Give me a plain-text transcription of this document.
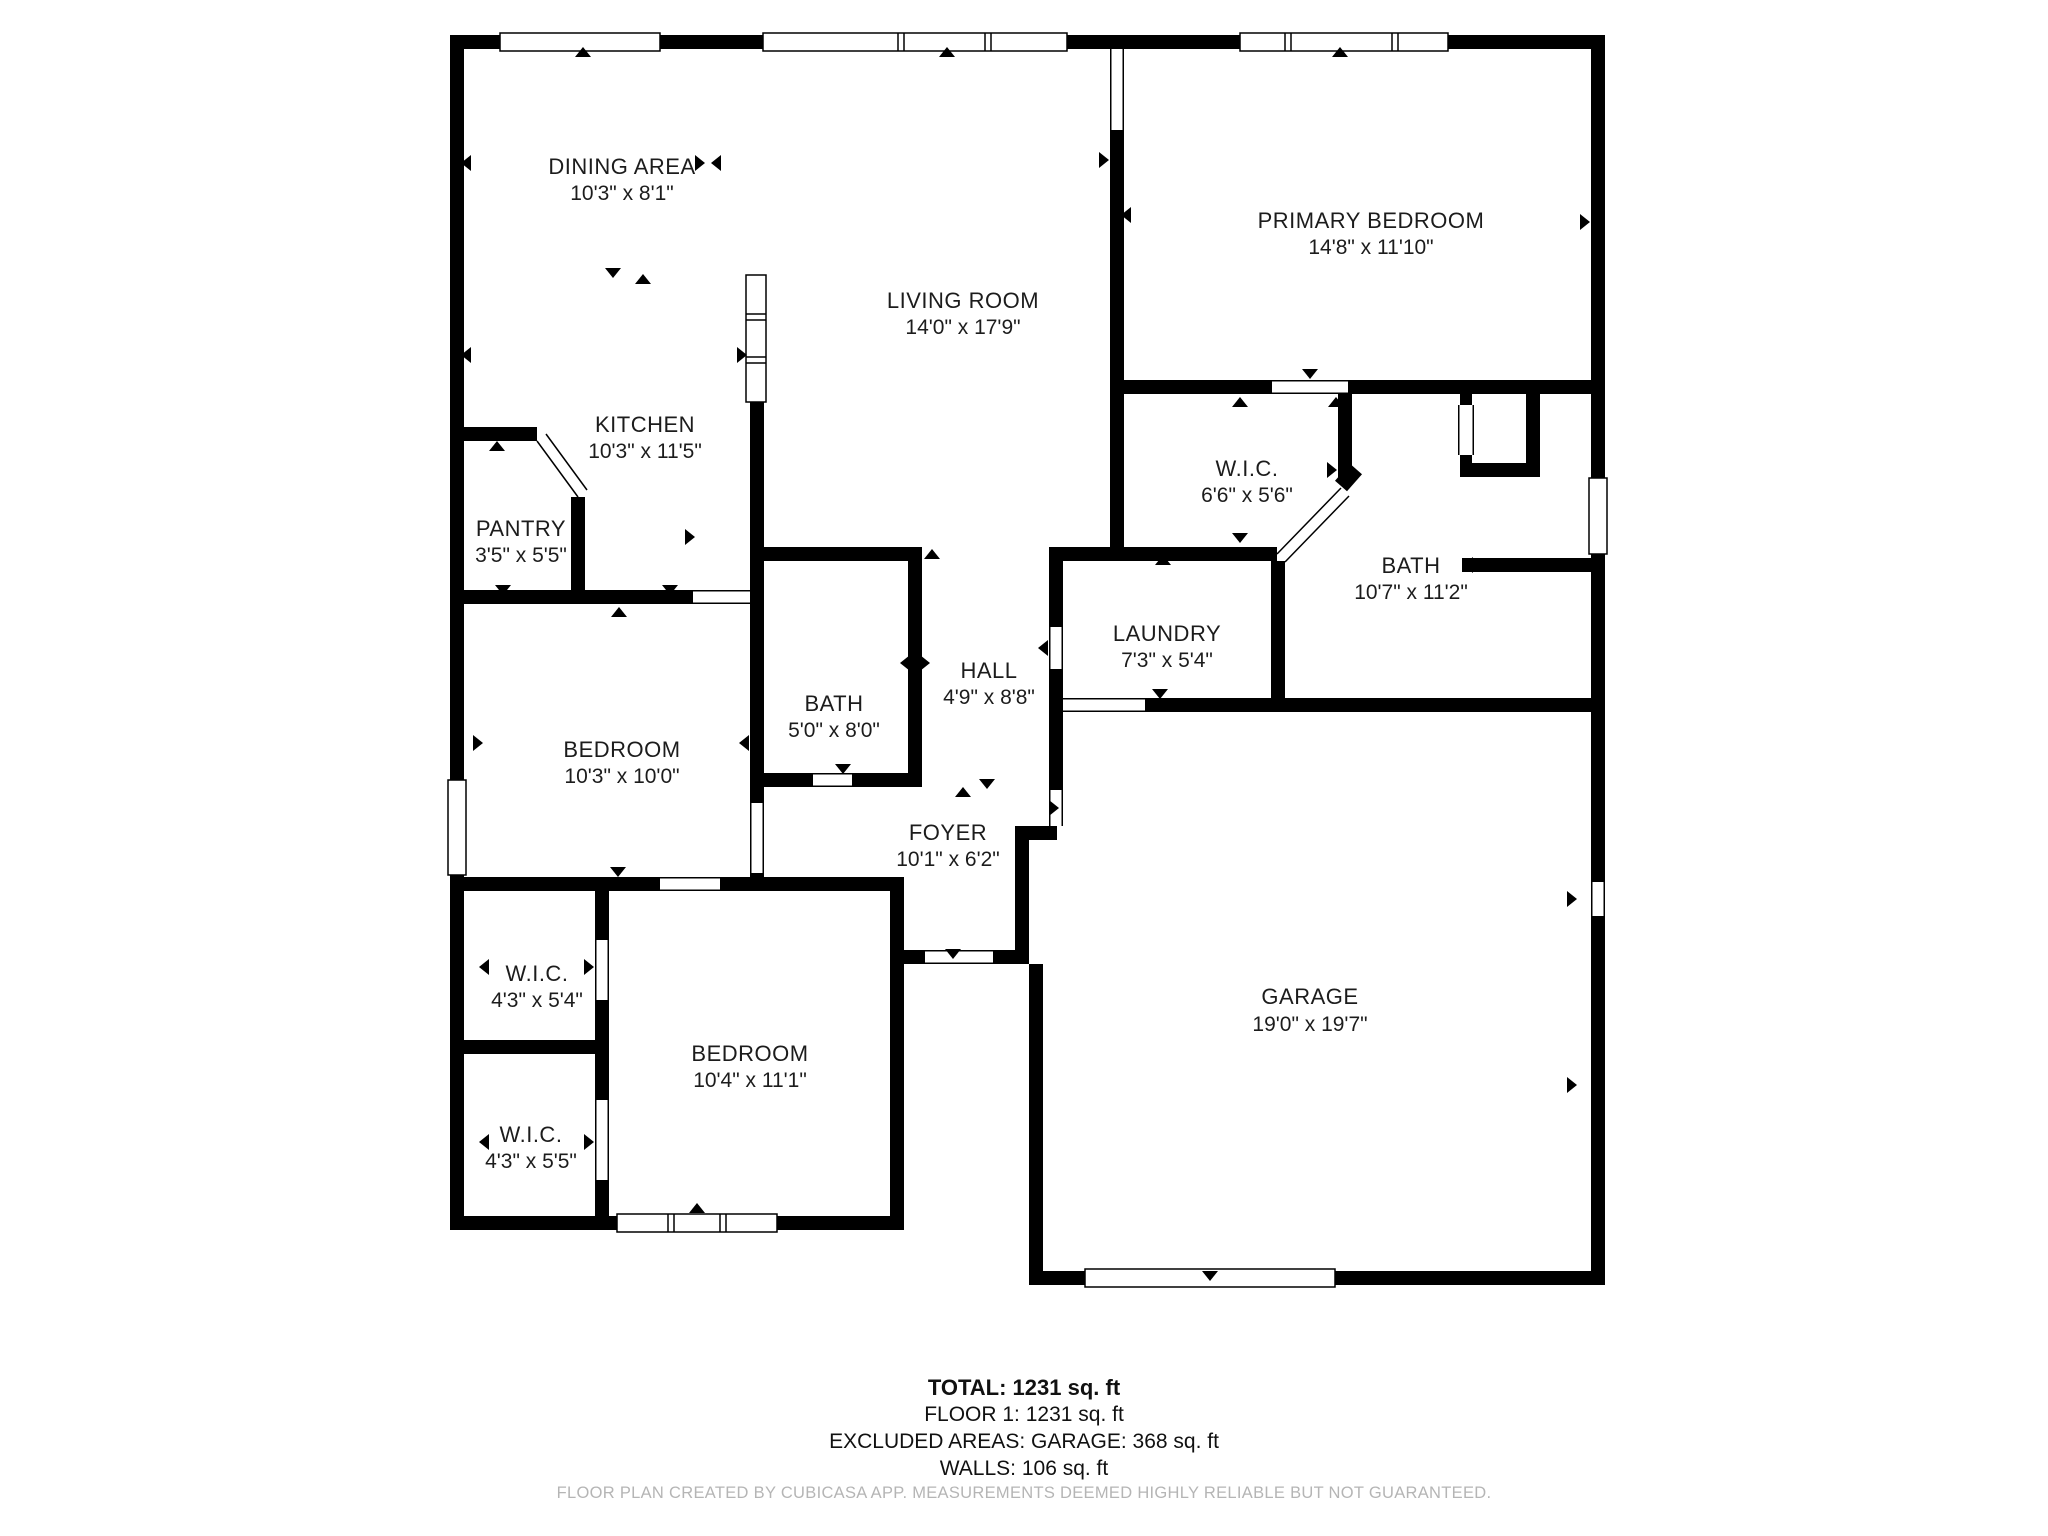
DINING AREA
10'3" x 8'1"
LIVING ROOM
14'0" x 17'9"
PRIMARY BEDROOM
14'8" x 11'10"
KITCHEN
10'3" x 11'5"
PANTRY
3'5" x 5'5"
W.I.C.
6'6" x 5'6"
BATH
10'7" x 11'2"
LAUNDRY
7'3" x 5'4"
HALL
4'9" x 8'8"
BATH
5'0" x 8'0"
BEDROOM
10'3" x 10'0"
FOYER
10'1" x 6'2"
W.I.C.
4'3" x 5'4"
BEDROOM
10'4" x 11'1"
W.I.C.
4'3" x 5'5"
GARAGE
19'0" x 19'7"
TOTAL: 1231 sq. ft
FLOOR 1: 1231 sq. ft
EXCLUDED AREAS: GARAGE: 368 sq. ft
WALLS: 106 sq. ft
FLOOR PLAN CREATED BY CUBICASA APP. MEASUREMENTS DEEMED HIGHLY RELIABLE BUT NOT GUARANTEED.
